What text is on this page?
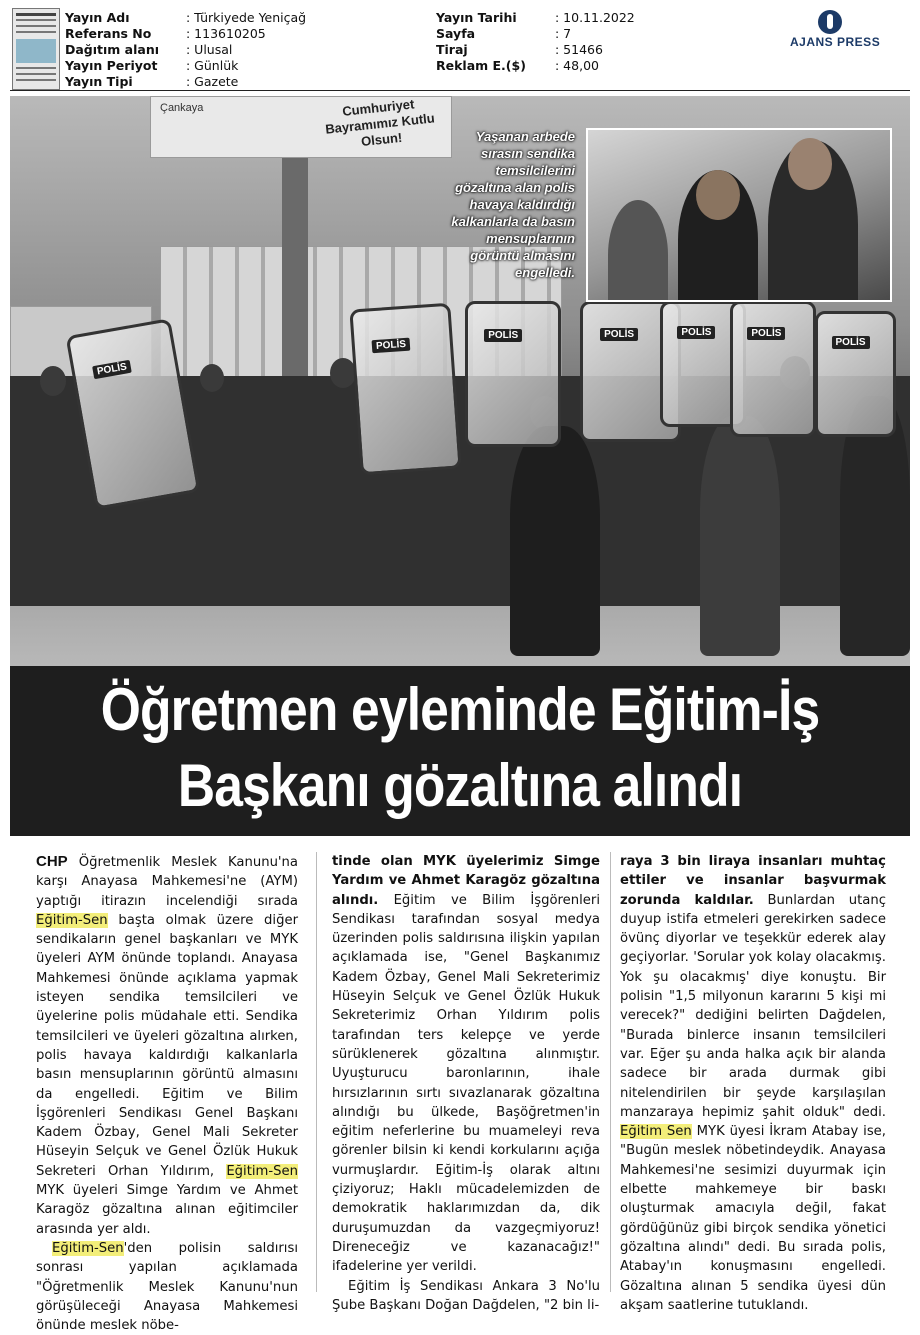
Yayın Adı	: Türkiyede Yeniçağ
Referans No	: 113610205
Dağıtım alanı : Ulusal
Yayın Periyot : Günlük
Yayın Tipi	: Gazete
Yayın Tarihi	: 10.11.2022
Sayfa	: 7
Tiraj	: 51466
Reklam E.($) : 48,00
AJANS PRESS
Çankaya	Cumhuriyet Bayramımız Kutlu Olsun!
POLİS
POLİS
POLİS	POLİS	POLİS	POLİS
POLİS
Yaşanan arbede sırasın sendika temsilcilerini gözaltına alan polis havaya kaldırdığı kalkanlarla da basın mensuplarının görüntü almasını engelledi.
Öğretmen eyleminde Eğitim-İş
Başkanı gözaltına alındı

CHP Öğretmenlik Meslek Kanunu'na karşı Anayasa Mahkemesi'ne (AYM) yaptığı itirazın incelendiği sırada Eğitim-Sen başta olmak üzere diğer sendikaların genel başkanları ve MYK üyeleri AYM önünde toplandı. Anayasa Mahkemesi önünde açıklama yapmak isteyen sendika temsilcileri ve üyelerine polis müdahale etti. Sendika temsilcileri ve üyeleri gözaltına alırken, polis havaya kaldırdığı kalkanlarla basın mensuplarının görüntü almasını da engelledi. Eğitim ve Bilim İşgörenleri Sendikası Genel Başkanı Kadem Özbay, Genel Mali Sekreter Hüseyin Selçuk ve Genel Özlük Hukuk Sekreteri Orhan Yıldırım, Eğitim-Sen MYK üyeleri Simge Yardım ve Ahmet Karagöz gözaltına alınan eğitimciler arasında yer aldı.

Eğitim-Sen'den polisin saldırısı sonrası yapılan açıklamada "Öğretmenlik Meslek Kanunu'nun görüşüleceği Anayasa Mahkemesi önünde meslek nöbe-

tinde olan MYK üyelerimiz Simge Yardım ve Ahmet Karagöz gözaltına alındı. Eğitim ve Bilim İşgörenleri Sendikası tarafından sosyal medya üzerinden polis saldırısına ilişkin yapılan açıklamada ise, "Genel Başkanımız Kadem Özbay, Genel Mali Sekreterimiz Hüseyin Selçuk ve Genel Özlük Hukuk Sekreterimiz Orhan Yıldırım polis tarafından ters kelepçe ve yerde sürüklenerek gözaltına alınmıştır. Uyuşturucu baronlarının, ihale hırsızlarının sırtı sıvazlanarak gözaltına alındığı bu ülkede, Başöğretmen'in eğitim neferlerine bu muameleyi reva görenler bilsin ki kendi korkularını açığa vurmuşlardır. Eğitim-İş olarak altını çiziyoruz; Haklı mücadelemizden de demokratik haklarımızdan da, dik duruşumuzdan da vazgeçmiyoruz! Direneceğiz ve kazanacağız!" ifadelerine yer verildi.

Eğitim İş Sendikası Ankara 3 No'lu Şube Başkanı Doğan Dağdelen, "2 bin li-

raya 3 bin liraya insanları muhtaç ettiler ve insanlar başvurmak zorunda kaldılar. Bunlardan utanç duyup istifa etmeleri gerekirken sadece övünç diyorlar ve teşekkür ederek alay geçiyorlar. 'Sorular yok kolay olacakmış. Yok şu olacakmış' diye konuştu. Bir polisin "1,5 milyonun kararını 5 kişi mi verecek?" dediğini belirten Dağdelen, "Burada binlerce insanın temsilcileri var. Eğer şu anda halka açık bir alanda sadece bir arada durmak gibi nitelendirilen bir şeyde karşılaşılan manzaraya hepimiz şahit olduk" dedi. Eğitim Sen MYK üyesi İkram Atabay ise, "Bugün meslek nöbetindeydik. Anayasa Mahkemesi'ne sesimizi duyurmak için elbette mahkemeye bir baskı oluşturmak amacıyla değil, fakat gördüğünüz gibi birçok sendika yönetici gözaltına alındı" dedi. Bu sırada polis, Atabay'ın konuşmasını engelledi. Gözaltına alınan 5 sendika üyesi dün akşam saatlerine tutuklandı.
